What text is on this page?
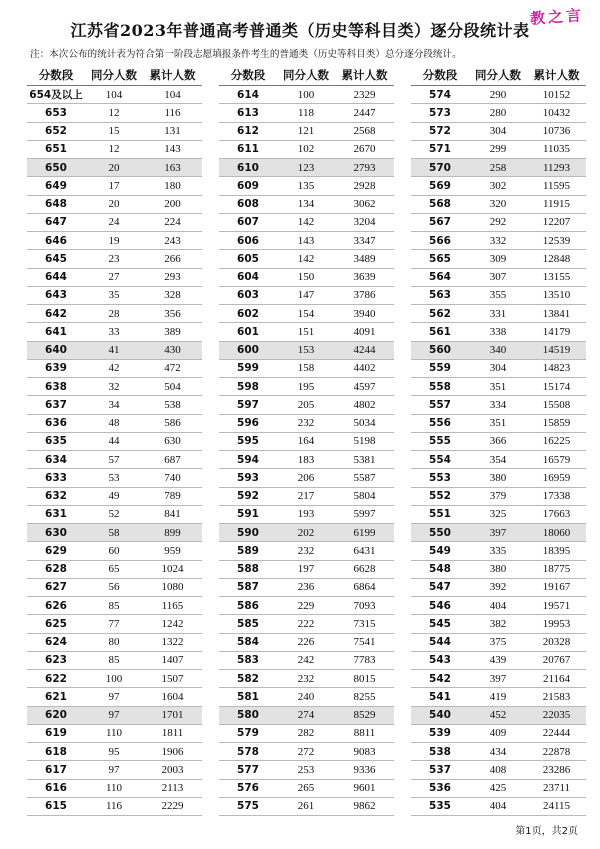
江苏省2023年普通高考普通类（历史等科目类）逐分段统计表
教之言
注：本次公布的统计表为符合第一阶段志愿填报条件考生的普通类（历史等科目类）总分逐分段统计。
分数段	同分人数	累计人数
654及以上	104	104
653	12	116
652	15	131
651	12	143
650	20	163
649	17	180
648	20	200
647	24	224
646	19	243
645	23	266
644	27	293
643	35	328
642	28	356
641	33	389
640	41	430
639	42	472
638	32	504
637	34	538
636	48	586
635	44	630
634	57	687
633	53	740
632	49	789
631	52	841
630	58	899
629	60	959
628	65	1024
627	56	1080
626	85	1165
625	77	1242
624	80	1322
623	85	1407
622	100	1507
621	97	1604
620	97	1701
619	110	1811
618	95	1906
617	97	2003
616	110	2113
615	116	2229
分数段	同分人数	累计人数
614	100	2329
613	118	2447
612	121	2568
611	102	2670
610	123	2793
609	135	2928
608	134	3062
607	142	3204
606	143	3347
605	142	3489
604	150	3639
603	147	3786
602	154	3940
601	151	4091
600	153	4244
599	158	4402
598	195	4597
597	205	4802
596	232	5034
595	164	5198
594	183	5381
593	206	5587
592	217	5804
591	193	5997
590	202	6199
589	232	6431
588	197	6628
587	236	6864
586	229	7093
585	222	7315
584	226	7541
583	242	7783
582	232	8015
581	240	8255
580	274	8529
579	282	8811
578	272	9083
577	253	9336
576	265	9601
575	261	9862
分数段	同分人数	累计人数
574	290	10152
573	280	10432
572	304	10736
571	299	11035
570	258	11293
569	302	11595
568	320	11915
567	292	12207
566	332	12539
565	309	12848
564	307	13155
563	355	13510
562	331	13841
561	338	14179
560	340	14519
559	304	14823
558	351	15174
557	334	15508
556	351	15859
555	366	16225
554	354	16579
553	380	16959
552	379	17338
551	325	17663
550	397	18060
549	335	18395
548	380	18775
547	392	19167
546	404	19571
545	382	19953
544	375	20328
543	439	20767
542	397	21164
541	419	21583
540	452	22035
539	409	22444
538	434	22878
537	408	23286
536	425	23711
535	404	24115
第1页，共2页
